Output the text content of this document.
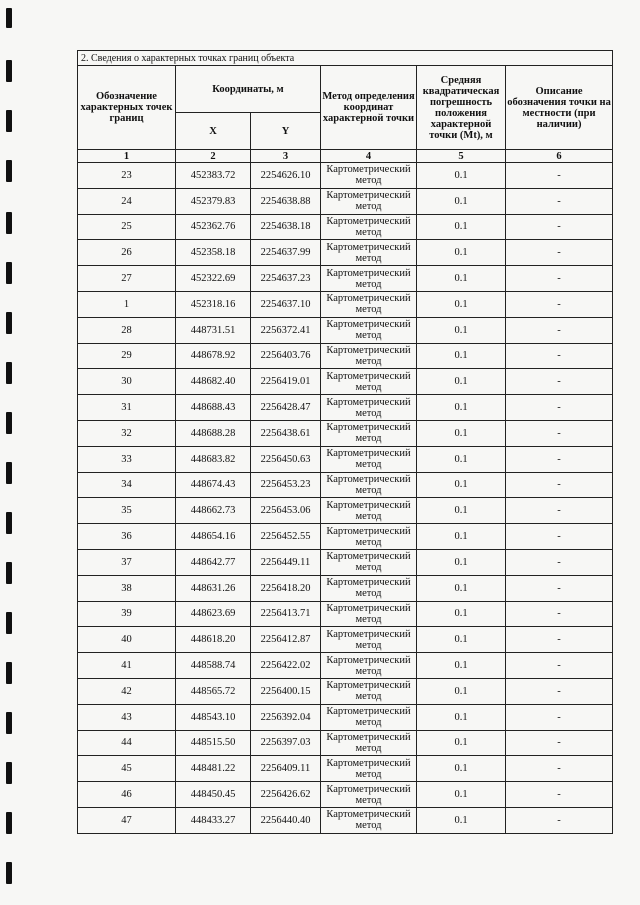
2. Сведения о характерных точках границ объекта					
Обозначение характерных точек границ	Координаты, м		Метод определения координат характерной точки	Средняя квадратическая погрешность положения характерной точки (Mt), м	Описание обозначения точки на местности (при наличии)
	X	Y			
1	2	3	4	5	6
23	452383.72	2254626.10	Картометрический метод	0.1	-
24	452379.83	2254638.88	Картометрический метод	0.1	-
25	452362.76	2254638.18	Картометрический метод	0.1	-
26	452358.18	2254637.99	Картометрический метод	0.1	-
27	452322.69	2254637.23	Картометрический метод	0.1	-
1	452318.16	2254637.10	Картометрический метод	0.1	-
28	448731.51	2256372.41	Картометрический метод	0.1	-
29	448678.92	2256403.76	Картометрический метод	0.1	-
30	448682.40	2256419.01	Картометрический метод	0.1	-
31	448688.43	2256428.47	Картометрический метод	0.1	-
32	448688.28	2256438.61	Картометрический метод	0.1	-
33	448683.82	2256450.63	Картометрический метод	0.1	-
34	448674.43	2256453.23	Картометрический метод	0.1	-
35	448662.73	2256453.06	Картометрический метод	0.1	-
36	448654.16	2256452.55	Картометрический метод	0.1	-
37	448642.77	2256449.11	Картометрический метод	0.1	-
38	448631.26	2256418.20	Картометрический метод	0.1	-
39	448623.69	2256413.71	Картометрический метод	0.1	-
40	448618.20	2256412.87	Картометрический метод	0.1	-
41	448588.74	2256422.02	Картометрический метод	0.1	-
42	448565.72	2256400.15	Картометрический метод	0.1	-
43	448543.10	2256392.04	Картометрический метод	0.1	-
44	448515.50	2256397.03	Картометрический метод	0.1	-
45	448481.22	2256409.11	Картометрический метод	0.1	-
46	448450.45	2256426.62	Картометрический метод	0.1	-
47	448433.27	2256440.40	Картометрический метод	0.1	-
